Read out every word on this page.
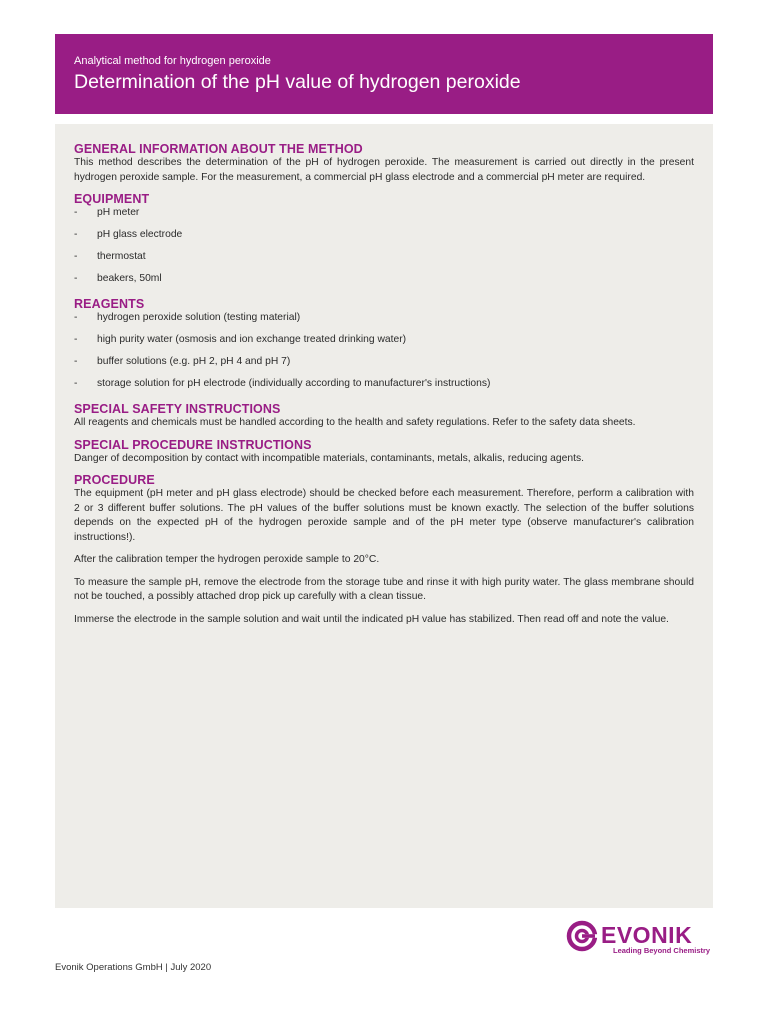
Analytical method for hydrogen peroxide
Determination of the pH value of hydrogen peroxide
GENERAL INFORMATION ABOUT THE METHOD

This method describes the determination of the pH of hydrogen peroxide. The measurement is carried out directly in the present hydrogen peroxide sample. For the measurement, a commercial pH glass electrode and a commercial pH meter are required.

EQUIPMENT
- pH meter
- pH glass electrode
- thermostat
- beakers, 50ml
REAGENTS
- hydrogen peroxide solution (testing material)
- high purity water (osmosis and ion exchange treated drinking water)
- buffer solutions (e.g. pH 2, pH 4 and pH 7)
- storage solution for pH electrode (individually according to manufacturer's instructions)
SPECIAL SAFETY INSTRUCTIONS

All reagents and chemicals must be handled according to the health and safety regulations. Refer to the safety data sheets.

SPECIAL PROCEDURE INSTRUCTIONS

Danger of decomposition by contact with incompatible materials, contaminants, metals, alkalis, reducing agents.

PROCEDURE

The equipment (pH meter and pH glass electrode) should be checked before each measurement. Therefore, perform a calibration with 2 or 3 different buffer solutions. The pH values of the buffer solutions must be known exactly. The selection of the buffer solutions depends on the expected pH of the hydrogen peroxide sample and of the pH meter type (observe manufacturer's calibration instructions!).

After the calibration temper the hydrogen peroxide sample to 20°C.

To measure the sample pH, remove the electrode from the storage tube and rinse it with high purity water. The glass membrane should not be touched, a possibly attached drop pick up carefully with a clean tissue.

Immerse the electrode in the sample solution and wait until the indicated pH value has stabilized. Then read off and note the value.

EVONIK
Leading Beyond Chemistry
Evonik Operations GmbH | July 2020
